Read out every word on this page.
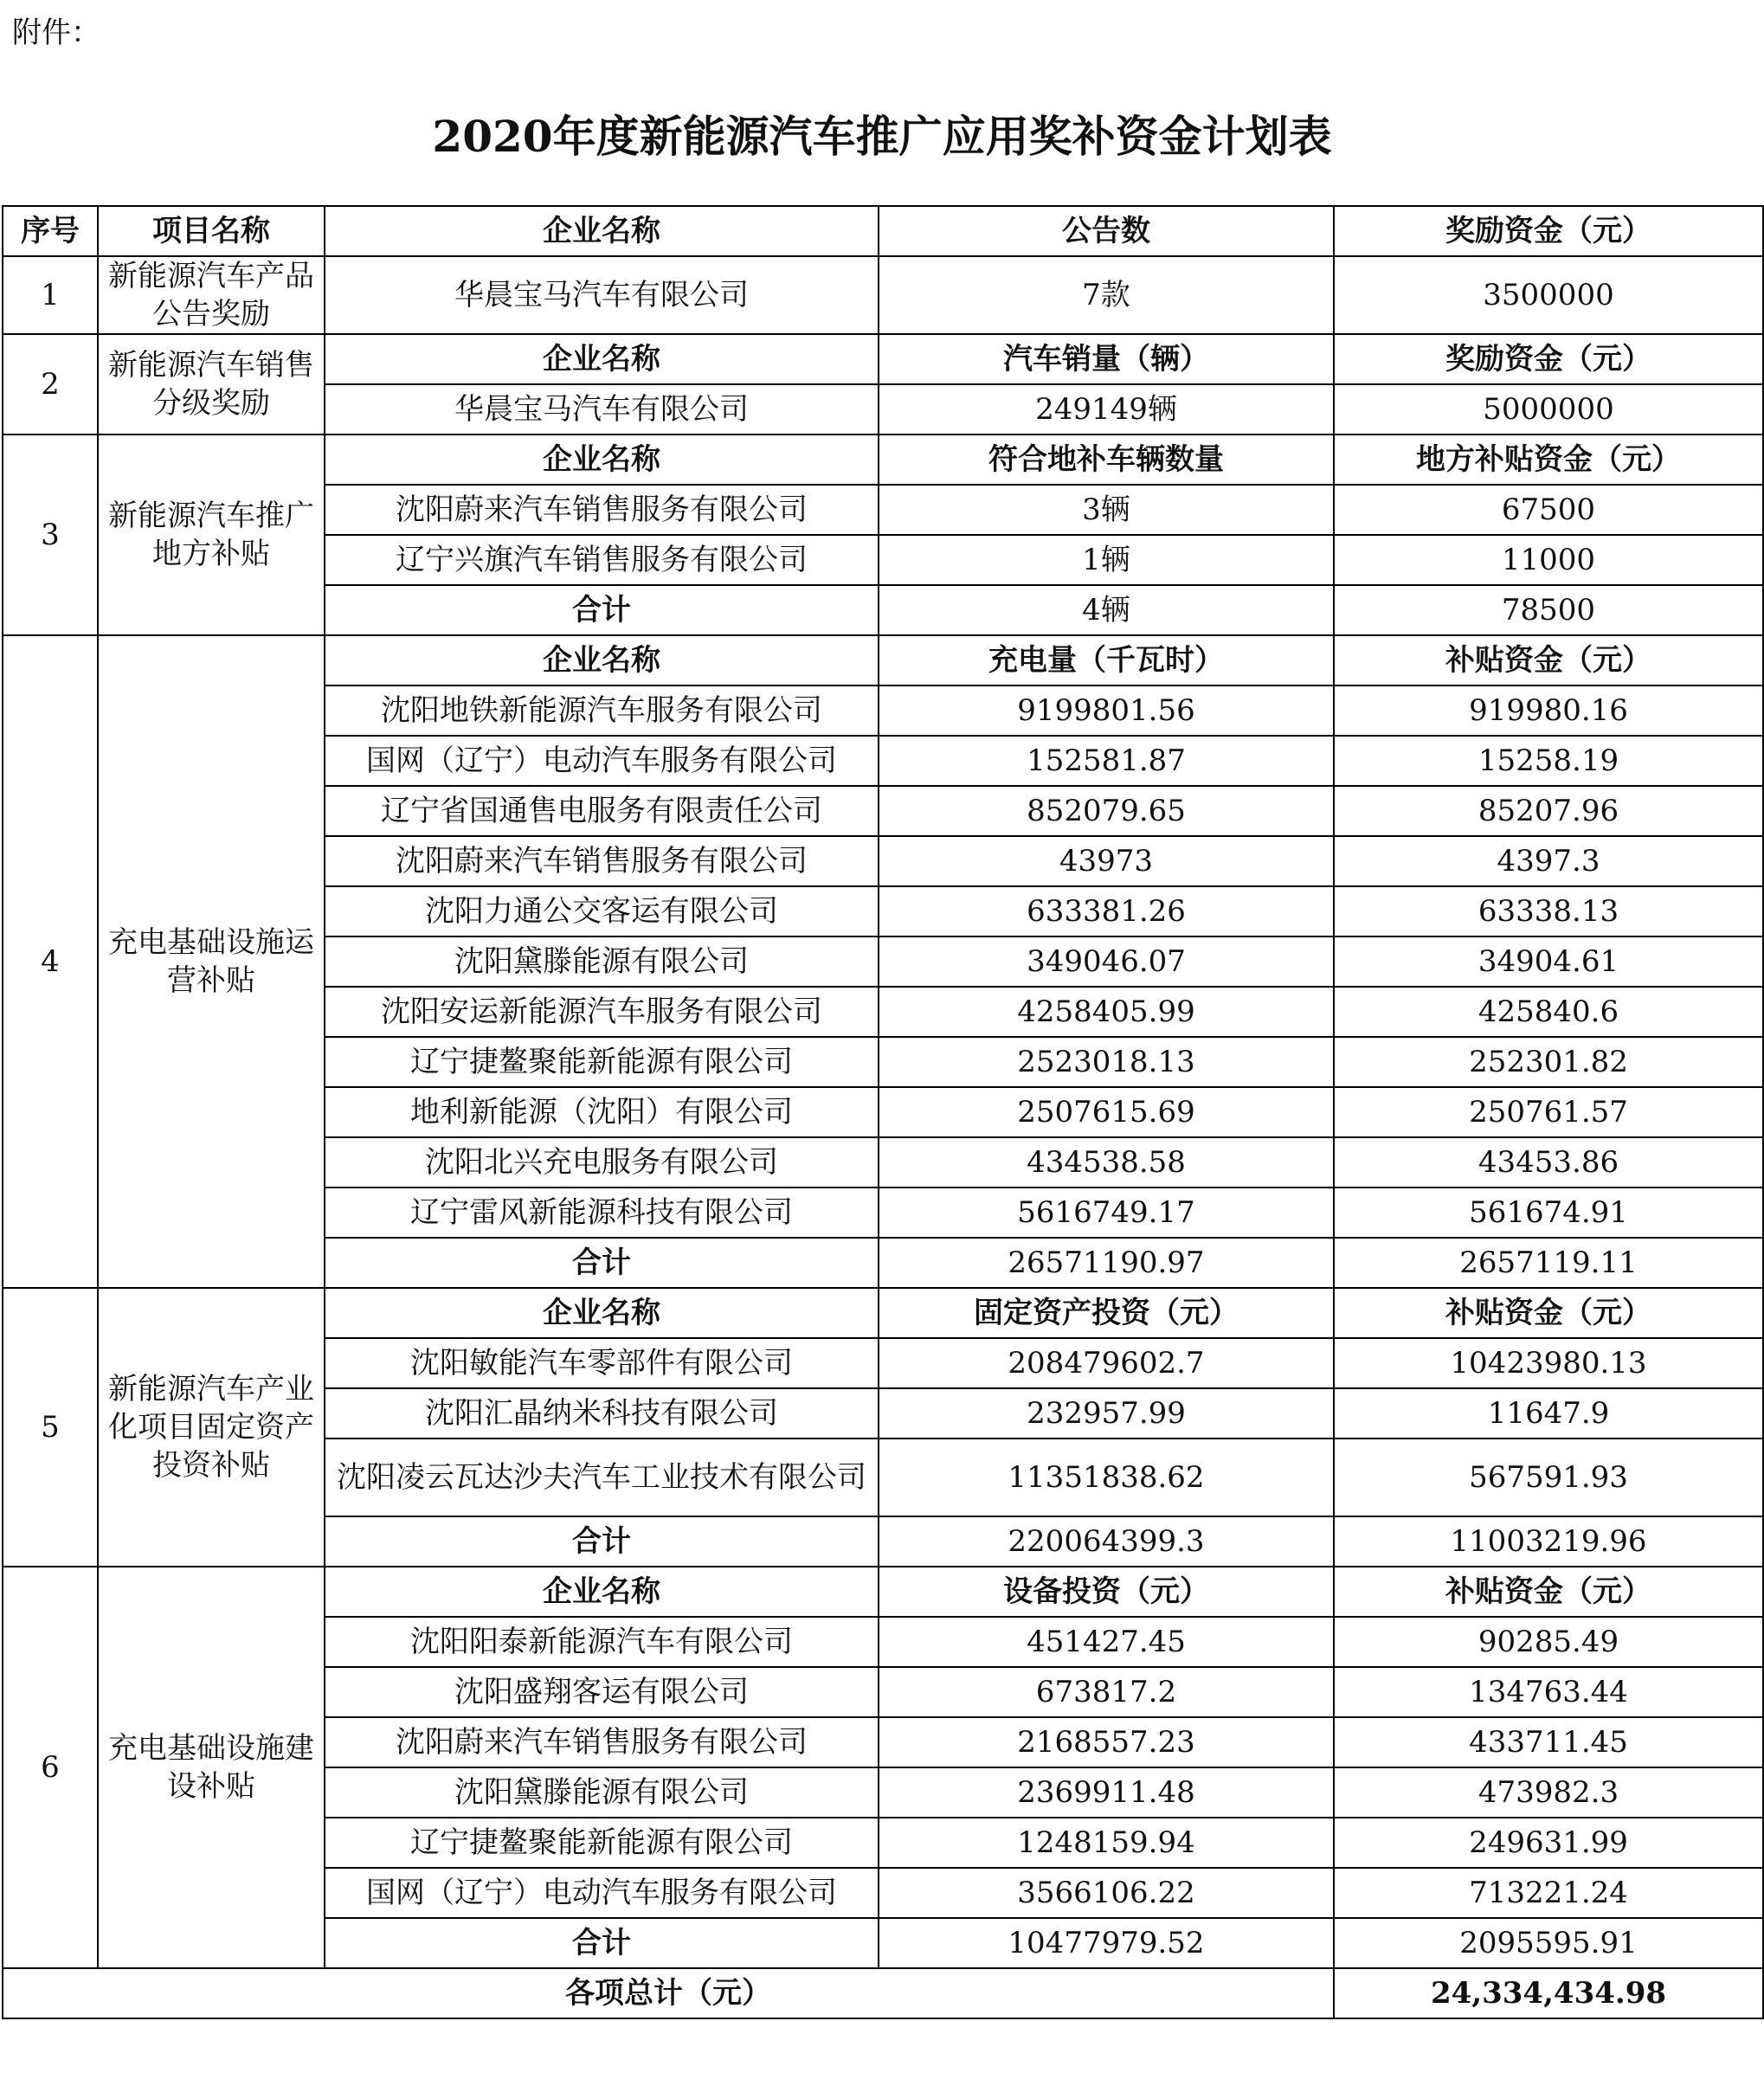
附件：
2020年度新能源汽车推广应用奖补资金计划表
序号	项目名称	企业名称	公告数	奖励资金（元）
1	新能源汽车产品公告奖励	华晨宝马汽车有限公司	7款	3500000
2	新能源汽车销售分级奖励	企业名称	汽车销量（辆）	奖励资金（元）
		华晨宝马汽车有限公司	249149辆	5000000
3	新能源汽车推广地方补贴	企业名称	符合地补车辆数量	地方补贴资金（元）
		沈阳蔚来汽车销售服务有限公司	3辆	67500
		辽宁兴旗汽车销售服务有限公司	1辆	11000
		合计	4辆	78500
4	充电基础设施运营补贴	企业名称	充电量（千瓦时）	补贴资金（元）
		沈阳地铁新能源汽车服务有限公司	9199801.56	919980.16
		国网（辽宁）电动汽车服务有限公司	152581.87	15258.19
		辽宁省国通售电服务有限责任公司	852079.65	85207.96
		沈阳蔚来汽车销售服务有限公司	43973	4397.3
		沈阳力通公交客运有限公司	633381.26	63338.13
		沈阳黛滕能源有限公司	349046.07	34904.61
		沈阳安运新能源汽车服务有限公司	4258405.99	425840.6
		辽宁捷鳌聚能新能源有限公司	2523018.13	252301.82
		地利新能源（沈阳）有限公司	2507615.69	250761.57
		沈阳北兴充电服务有限公司	434538.58	43453.86
		辽宁雷风新能源科技有限公司	5616749.17	561674.91
		合计	26571190.97	2657119.11
5	新能源汽车产业化项目固定资产投资补贴	企业名称	固定资产投资（元）	补贴资金（元）
		沈阳敏能汽车零部件有限公司	208479602.7	10423980.13
		沈阳汇晶纳米科技有限公司	232957.99	11647.9
		沈阳凌云瓦达沙夫汽车工业技术有限公司	11351838.62	567591.93
		合计	220064399.3	11003219.96
6	充电基础设施建设补贴	企业名称	设备投资（元）	补贴资金（元）
		沈阳阳泰新能源汽车有限公司	451427.45	90285.49
		沈阳盛翔客运有限公司	673817.2	134763.44
		沈阳蔚来汽车销售服务有限公司	2168557.23	433711.45
		沈阳黛滕能源有限公司	2369911.48	473982.3
		辽宁捷鳌聚能新能源有限公司	1248159.94	249631.99
		国网（辽宁）电动汽车服务有限公司	3566106.22	713221.24
		合计	10477979.52	2095595.91
各项总计（元）				24,334,434.98
